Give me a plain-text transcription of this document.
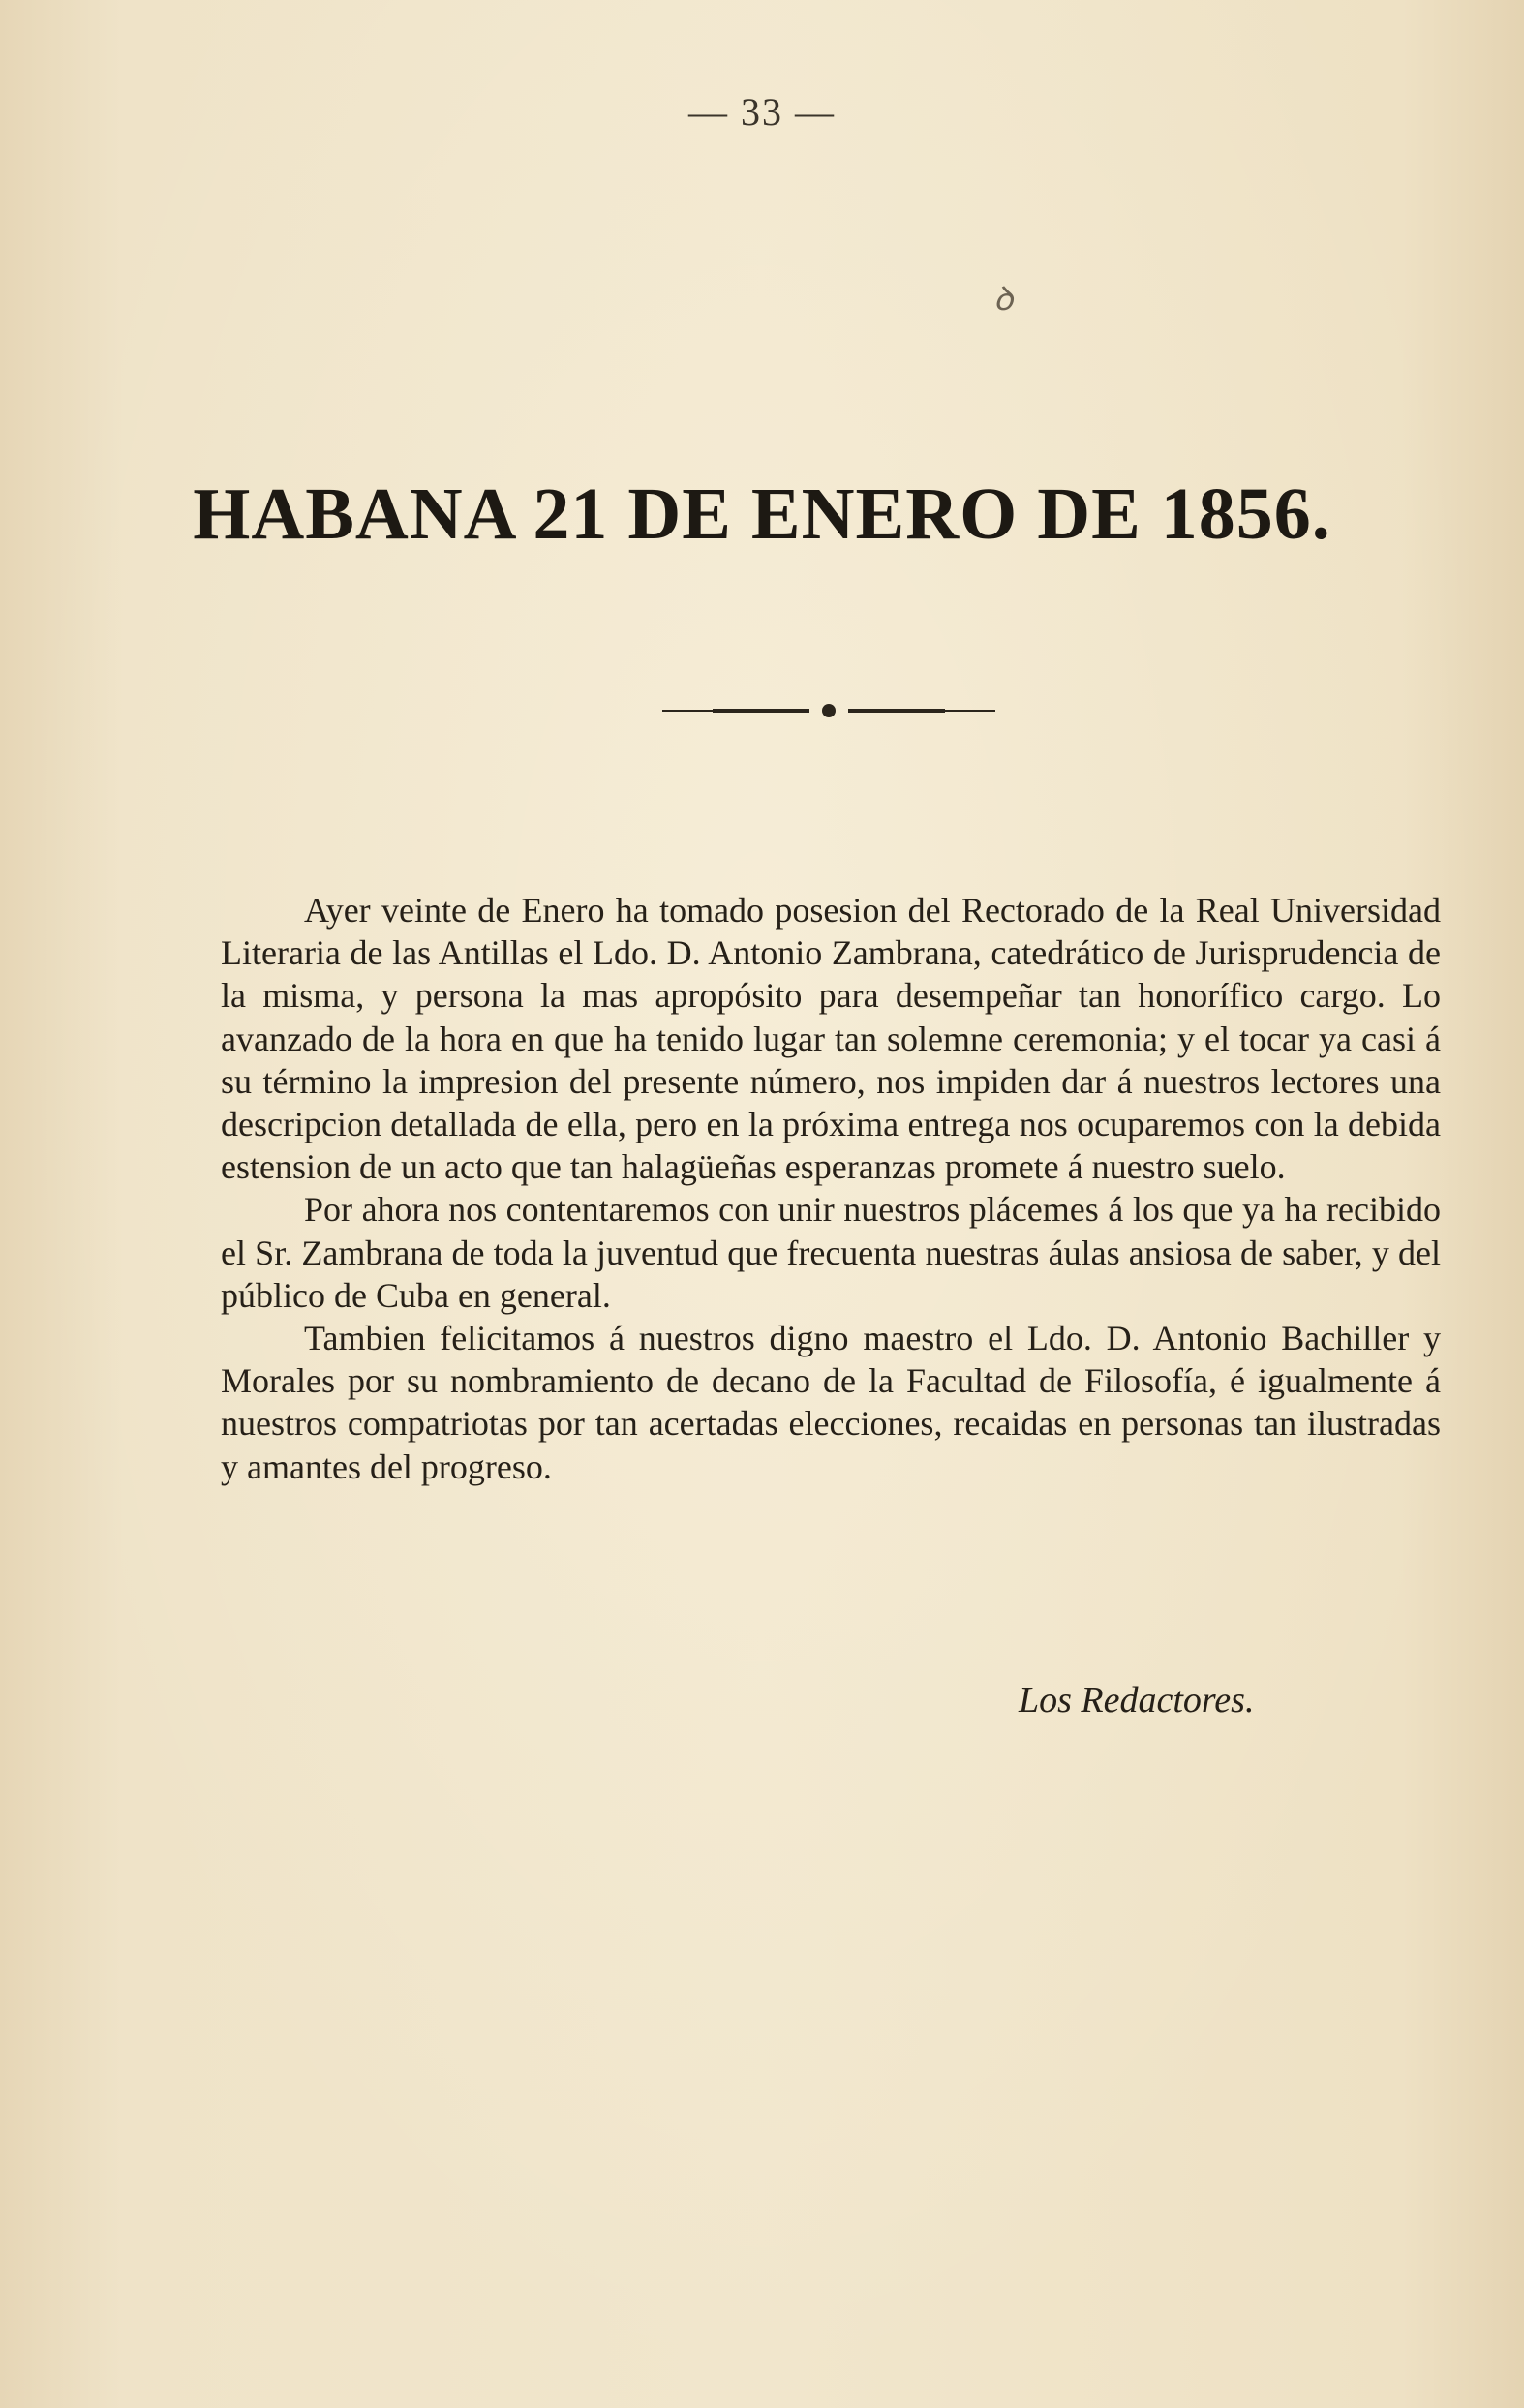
— 33 —
ꝺ
HABANA 21 DE ENERO DE 1856.

Ayer veinte de Enero ha tomado posesion del Rectorado de la Real Universidad Literaria de las Antillas el Ldo. D. Antonio Zambrana, catedrático de Jurisprudencia de la misma, y persona la mas apropósito para desempeñar tan honorífico cargo. Lo avanzado de la hora en que ha tenido lugar tan solemne ceremonia; y el tocar ya casi á su término la impresion del presente número, nos impiden dar á nuestros lectores una descripcion detallada de ella, pero en la próxima entrega nos ocuparemos con la debida estension de un acto que tan halagüeñas esperanzas promete á nuestro suelo.

Por ahora nos contentaremos con unir nuestros plácemes á los que ya ha recibido el Sr. Zambrana de toda la juventud que frecuenta nuestras áulas ansiosa de saber, y del público de Cuba en general.

Tambien felicitamos á nuestros digno maestro el Ldo. D. Antonio Bachiller y Morales por su nombramiento de decano de la Facultad de Filosofía, é igualmente á nuestros compatriotas por tan acertadas elecciones, recaidas en personas tan ilustradas y amantes del progreso.

Los Redactores.
